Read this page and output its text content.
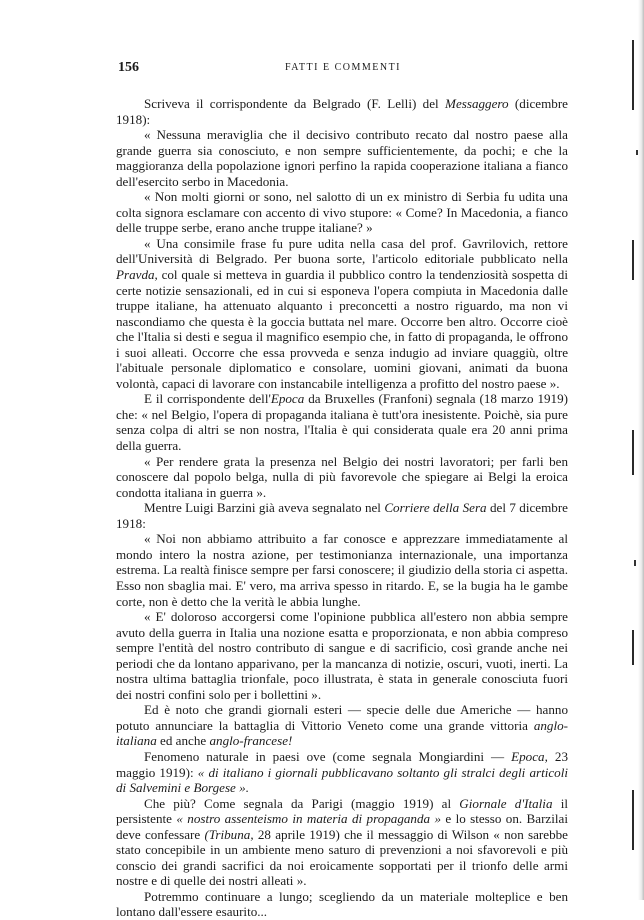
156	FATTI E COMMENTI

Scriveva il corrispondente da Belgrado (F. Lelli) del Messaggero (dicembre 1918):

« Nessuna meraviglia che il decisivo contributo recato dal nostro paese alla grande guerra sia conosciuto, e non sempre sufficientemente, da pochi; e che la maggioranza della popolazione ignori perfino la rapida cooperazione italiana a fianco dell'esercito serbo in Macedonia.

« Non molti giorni or sono, nel salotto di un ex ministro di Serbia fu udita una colta signora esclamare con accento di vivo stupore: « Come? In Macedonia, a fianco delle truppe serbe, erano anche truppe italiane? »

« Una consimile frase fu pure udita nella casa del prof. Gavrilovich, rettore dell'Università di Belgrado. Per buona sorte, l'articolo editoriale pubblicato nella Pravda, col quale si metteva in guardia il pubblico contro la tendenziosità sospetta di certe notizie sensazionali, ed in cui si esponeva l'opera compiuta in Macedonia dalle truppe italiane, ha attenuato alquanto i preconcetti a nostro riguardo, ma non vi nascondiamo che questa è la goccia buttata nel mare. Occorre ben altro. Occorre cioè che l'Italia si desti e segua il magnifico esempio che, in fatto di propaganda, le offrono i suoi alleati. Occorre che essa provveda e senza indugio ad inviare quaggiù, oltre l'abituale personale diplomatico e consolare, uomini giovani, animati da buona volontà, capaci di lavorare con instancabile intelligenza a profitto del nostro paese ».

E il corrispondente dell'Epoca da Bruxelles (Franfoni) segnala (18 marzo 1919) che: « nel Belgio, l'opera di propaganda italiana è tutt'ora inesistente. Poichè, sia pure senza colpa di altri se non nostra, l'Italia è qui considerata quale era 20 anni prima della guerra.

« Per rendere grata la presenza nel Belgio dei nostri lavoratori; per farli ben conoscere dal popolo belga, nulla di più favorevole che spiegare ai Belgi la eroica condotta italiana in guerra ».

Mentre Luigi Barzini già aveva segnalato nel Corriere della Sera del 7 dicembre 1918:

« Noi non abbiamo attribuito a far conosce e apprezzare immediatamente al mondo intero la nostra azione, per testimonianza internazionale, una importanza estrema. La realtà finisce sempre per farsi conoscere; il giudizio della storia ci aspetta. Esso non sbaglia mai. E' vero, ma arriva spesso in ritardo. E, se la bugia ha le gambe corte, non è detto che la verità le abbia lunghe.

« E' doloroso accorgersi come l'opinione pubblica all'estero non abbia sempre avuto della guerra in Italia una nozione esatta e proporzionata, e non abbia compreso sempre l'entità del nostro contributo di sangue e di sacrificio, così grande anche nei periodi che da lontano apparivano, per la mancanza di notizie, oscuri, vuoti, inerti. La nostra ultima battaglia trionfale, poco illustrata, è stata in generale conosciuta fuori dei nostri confini solo per i bollettini ».

Ed è noto che grandi giornali esteri — specie delle due Americhe — hanno potuto annunciare la battaglia di Vittorio Veneto come una grande vittoria anglo-italiana ed anche anglo-francese!

Fenomeno naturale in paesi ove (come segnala Mongiardini — Epoca, 23 maggio 1919): « di italiano i giornali pubblicavano soltanto gli stralci degli articoli di Salvemini e Borgese ».

Che più? Come segnala da Parigi (maggio 1919) al Giornale d'Italia il persistente « nostro assenteismo in materia di propaganda » e lo stesso on. Barzilai deve confessare (Tribuna, 28 aprile 1919) che il messaggio di Wilson « non sarebbe stato concepibile in un ambiente meno saturo di prevenzioni a noi sfavorevoli e più conscio dei grandi sacrifici da noi eroicamente sopportati per il trionfo delle armi nostre e di quelle dei nostri alleati ».

Potremmo continuare a lungo; scegliendo da un materiale molteplice e ben lontano dall'essere esaurito...
